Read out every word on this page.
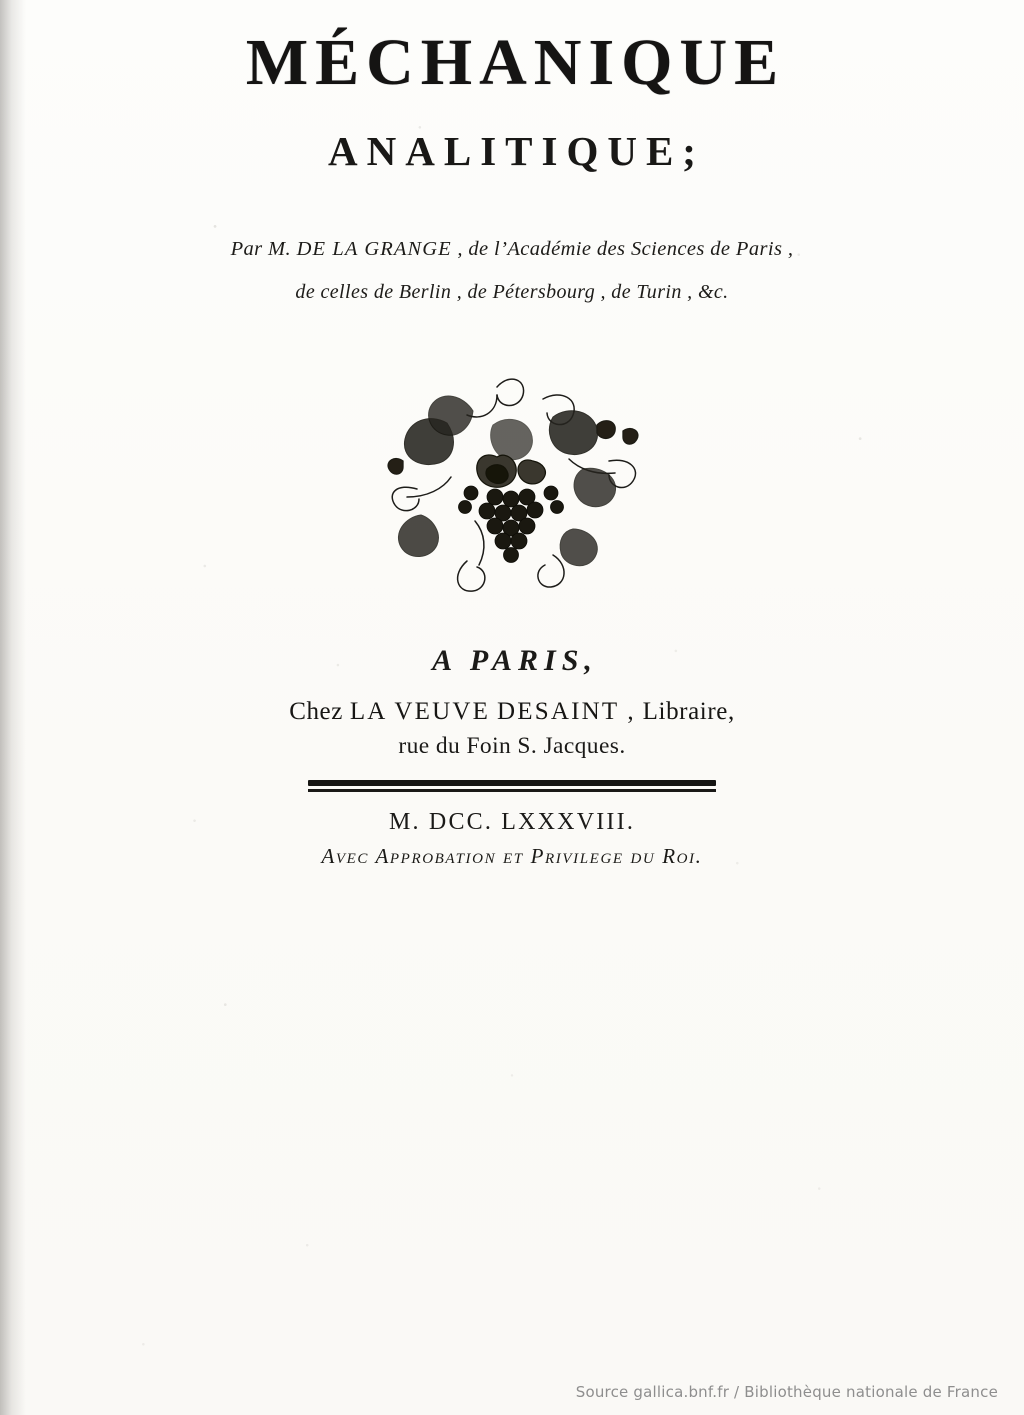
MÉCHANIQUE
ANALITIQUE;
Par M. DE LA GRANGE , de l’Académie des Sciences de Paris ,
de celles de Berlin , de Pétersbourg , de Turin , &c.
A PARIS,
Chez LA VEUVE DESAINT , Libraire,
rue du Foin S. Jacques.
M. DCC. LXXXVIII.
Avec Approbation et Privilege du Roi.
Source gallica.bnf.fr / Bibliothèque nationale de France
